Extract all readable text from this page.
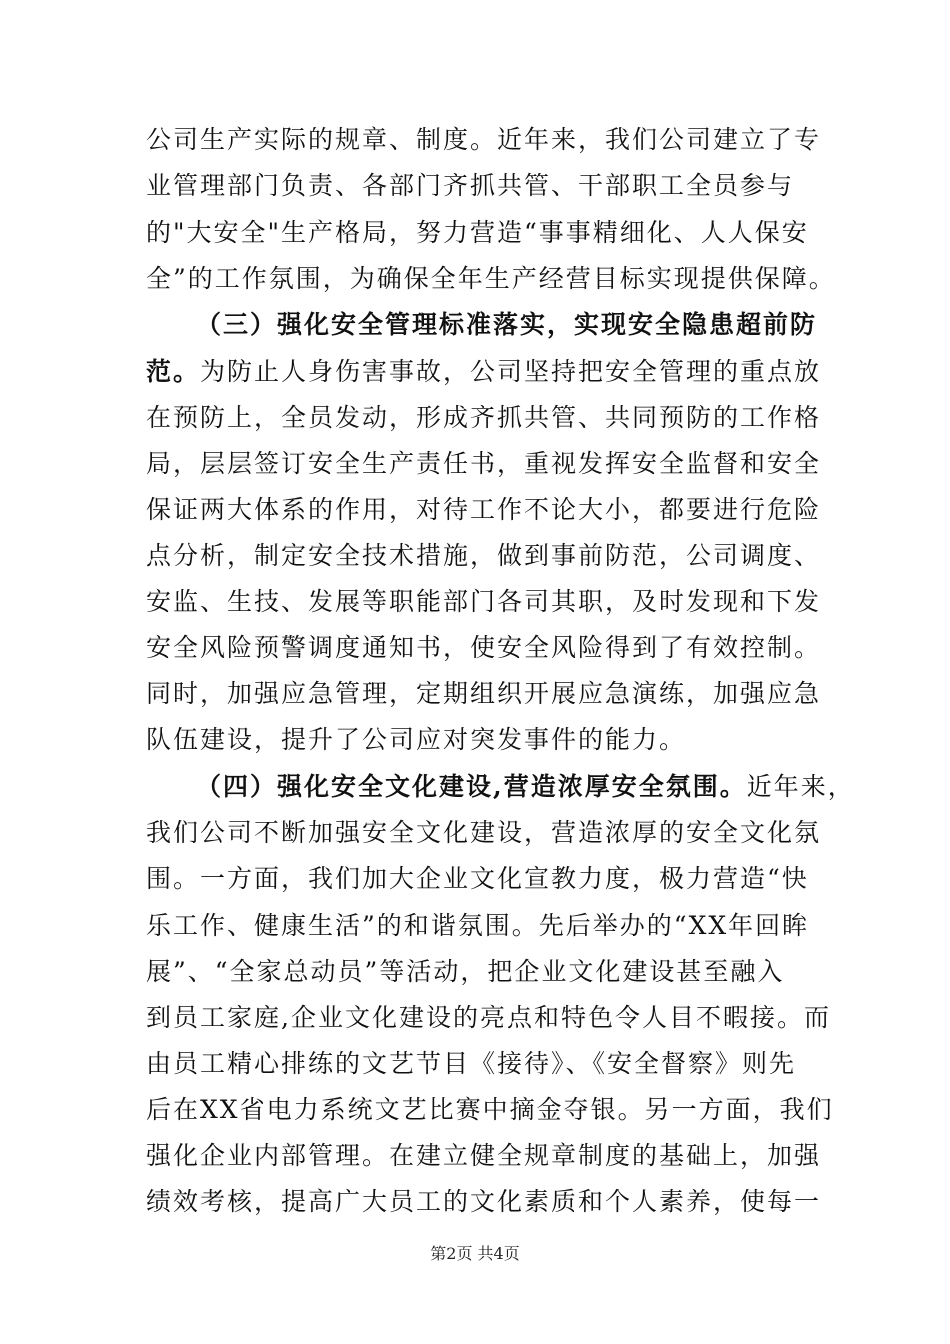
公司生产实际的规章、制度。近年来，我们公司建立了专
业管理部门负责、各部门齐抓共管、干部职工全员参与
的"大安全"生产格局，努力营造“事事精细化、人人保安
全”的工作氛围，为确保全年生产经营目标实现提供保障。
（三）强化安全管理标准落实，实现安全隐患超前防
范。为防止人身伤害事故，公司坚持把安全管理的重点放
在预防上，全员发动，形成齐抓共管、共同预防的工作格
局，层层签订安全生产责任书，重视发挥安全监督和安全
保证两大体系的作用，对待工作不论大小，都要进行危险
点分析，制定安全技术措施，做到事前防范，公司调度、
安监、生技、发展等职能部门各司其职，及时发现和下发
安全风险预警调度通知书，使安全风险得到了有效控制。
同时，加强应急管理，定期组织开展应急演练，加强应急
队伍建设，提升了公司应对突发事件的能力。
（四）强化安全文化建设,营造浓厚安全氛围。近年来，
我们公司不断加强安全文化建设，营造浓厚的安全文化氛
围。一方面，我们加大企业文化宣教力度，极力营造“快
乐工作、健康生活”的和谐氛围。先后举办的“XX年回眸
展”、“全家总动员”等活动，把企业文化建设甚至融入
到员工家庭,企业文化建设的亮点和特色令人目不暇接。而
由员工精心排练的文艺节目《接待》、《安全督察》则先
后在XX省电力系统文艺比赛中摘金夺银。另一方面，我们
强化企业内部管理。在建立健全规章制度的基础上，加强
绩效考核，提高广大员工的文化素质和个人素养，使每一
第2页 共4页
